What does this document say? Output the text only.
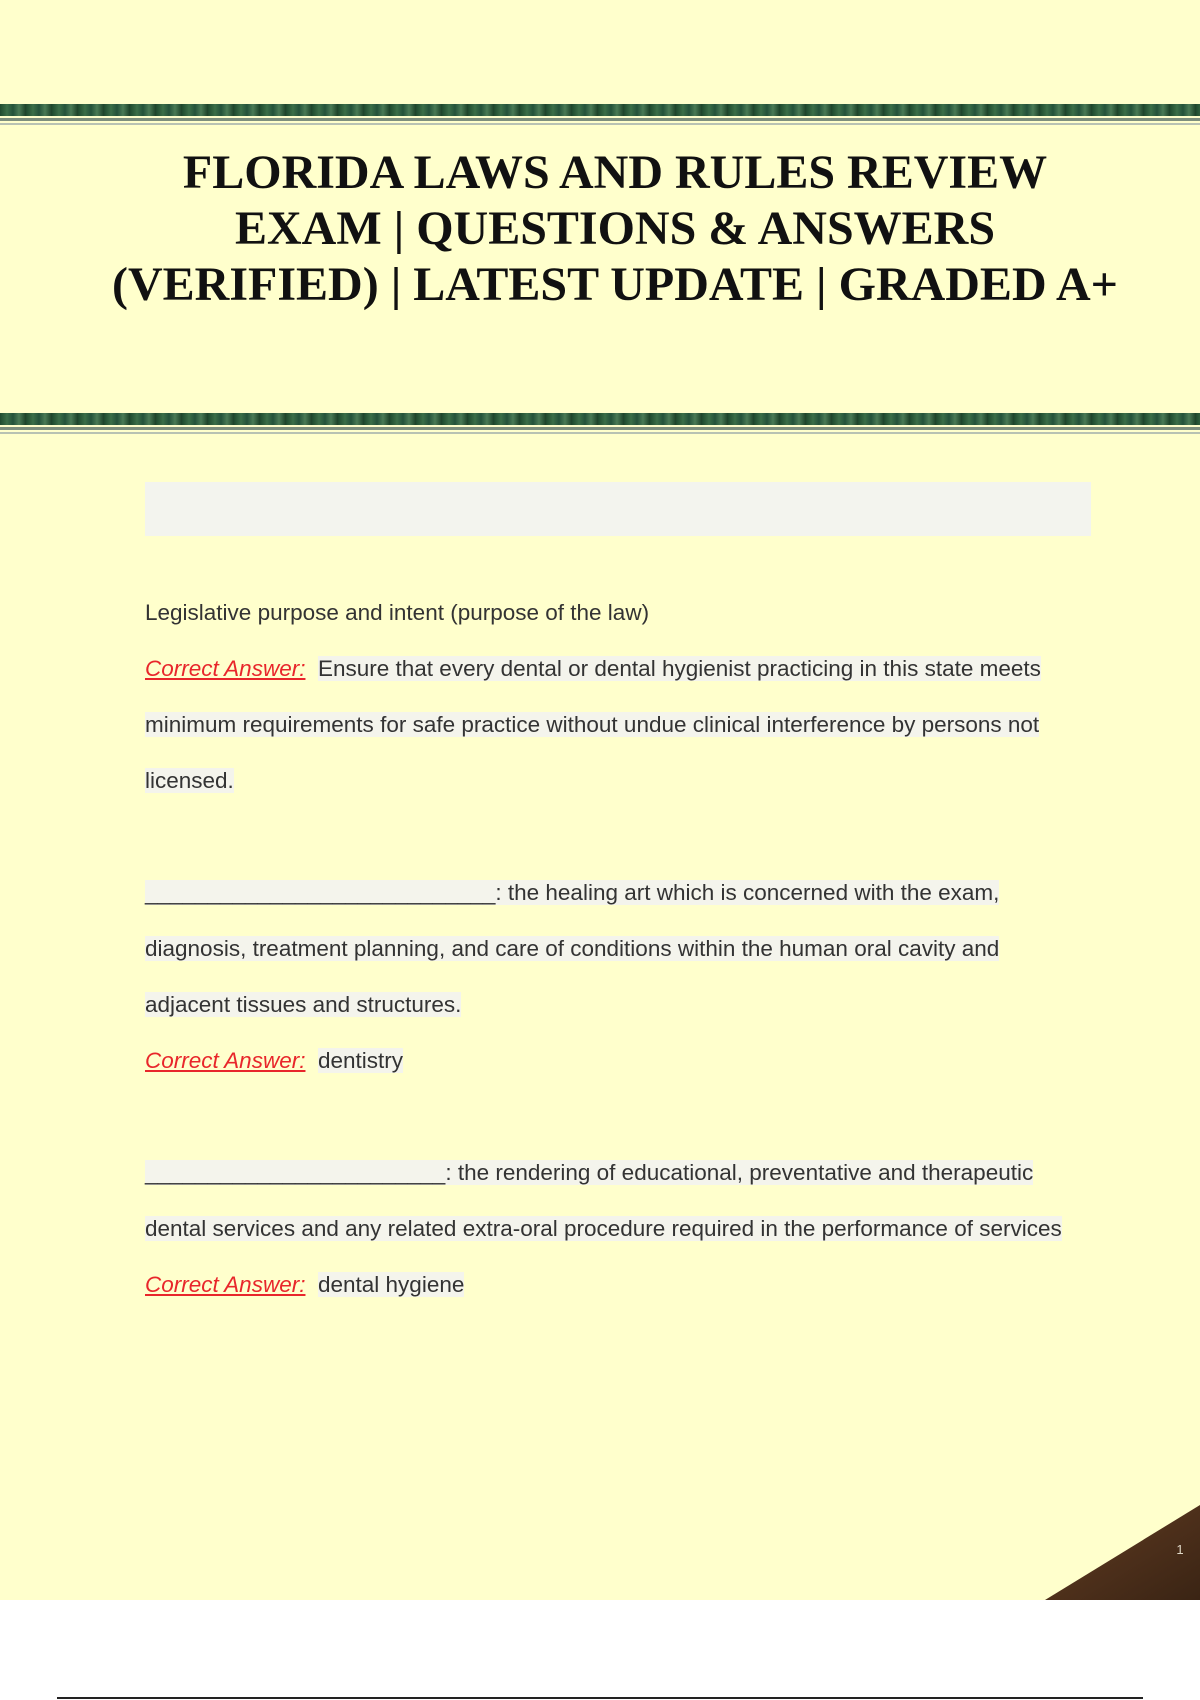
FLORIDA LAWS AND RULES REVIEW EXAM | QUESTIONS & ANSWERS (VERIFIED) | LATEST UPDATE | GRADED A+

Legislative purpose and intent (purpose of the law)

Correct Answer: Ensure that every dental or dental hygienist practicing in this state meets minimum requirements for safe practice without undue clinical interference by persons not licensed.

____________________________: the healing art which is concerned with the exam, diagnosis, treatment planning, and care of conditions within the human oral cavity and adjacent tissues and structures.

Correct Answer: dentistry

________________________: the rendering of educational, preventative and therapeutic dental services and any related extra-oral procedure required in the performance of services

Correct Answer: dental hygiene

1
